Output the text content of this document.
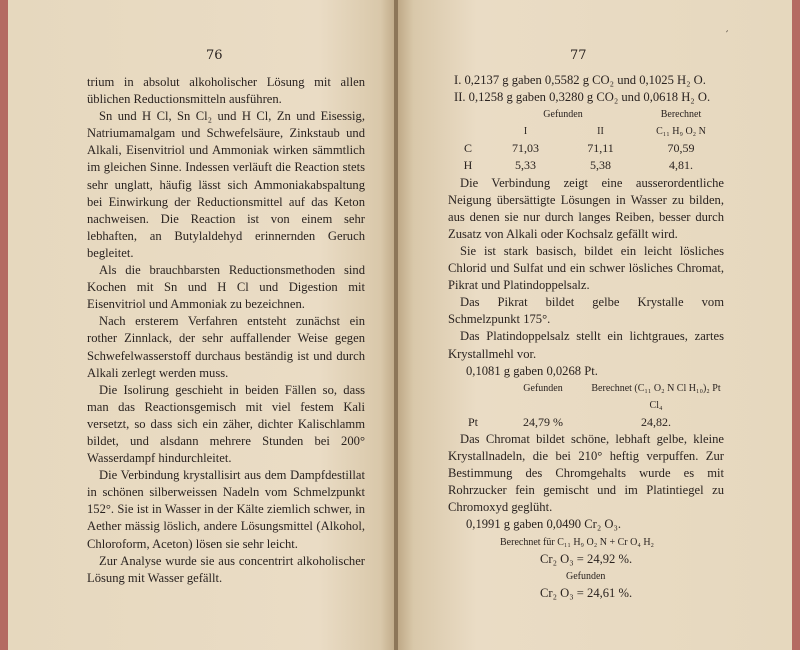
76

trium in absolut alkoholischer Lösung mit allen üblichen Reductionsmitteln ausführen.

Sn und H Cl, Sn Cl₂ und H Cl, Zn und Eisessig, Natriumamalgam und Schwefelsäure, Zinkstaub und Alkali, Eisenvitriol und Ammoniak wirken sämmtlich im gleichen Sinne. Indessen verläuft die Reaction stets sehr unglatt, häufig lässt sich Ammoniakabspaltung bei Einwirkung der Reductionsmittel auf das Keton nachweisen. Die Reaction ist von einem sehr lebhaften, an Butylaldehyd erinnernden Geruch begleitet.

Als die brauchbarsten Reductionsmethoden sind Kochen mit Sn und H Cl und Digestion mit Eisenvitriol und Ammoniak zu bezeichnen.

Nach ersterem Verfahren entsteht zunächst ein rother Zinnlack, der sehr auffallender Weise gegen Schwefelwasserstoff durchaus beständig ist und durch Alkali zerlegt werden muss.

Die Isolirung geschieht in beiden Fällen so, dass man das Reactionsgemisch mit viel festem Kali versetzt, so dass sich ein zäher, dichter Kalischlamm bildet, und alsdann mehrere Stunden bei 200° Wasserdampf hindurchleitet.

Die Verbindung krystallisirt aus dem Dampfdestillat in schönen silberweissen Nadeln vom Schmelzpunkt 152°. Sie ist in Wasser in der Kälte ziemlich schwer, in Aether mässig löslich, andere Lösungsmittel (Alkohol, Chloroform, Aceton) lösen sie sehr leicht.

Zur Analyse wurde sie aus concentrirt alkoholischer Lösung mit Wasser gefällt.

77
′

I. 0,2137 g gaben 0,5582 g CO₂ und 0,1025 H₂ O.

II. 0,1258 g gaben 0,3280 g CO₂ und 0,0618 H₂ O.

	Gefunden	Berechnet
	I	II	C₁₁ H₉ O₂ N
C	71,03	71,11	70,59
H	5,33	5,38	4,81.

Die Verbindung zeigt eine ausserordentliche Neigung übersättigte Lösungen in Wasser zu bilden, aus denen sie nur durch langes Reiben, besser durch Zusatz von Alkali oder Kochsalz gefällt wird.

Sie ist stark basisch, bildet ein leicht lösliches Chlorid und Sulfat und ein schwer lösliches Chromat, Pikrat und Platindoppelsalz.

Das Pikrat bildet gelbe Krystalle vom Schmelzpunkt 175°.

Das Platindoppelsalz stellt ein lichtgraues, zartes Krystallmehl vor.

0,1081 g gaben 0,0268 Pt.

	Gefunden	Berechnet (C₁₁ O₂ N Cl H₁₀)₂ Pt Cl₄
Pt	24,79 %	24,82.

Das Chromat bildet schöne, lebhaft gelbe, kleine Krystallnadeln, die bei 210° heftig verpuffen. Zur Bestimmung des Chromgehalts wurde es mit Rohrzucker fein gemischt und im Platintiegel zu Chromoxyd geglüht.

0,1991 g gaben 0,0490 Cr₂ O₃.

Berechnet für C₁₁ H₉ O₂ N + Cr O₄ H₂

Cr₂ O₃ = 24,92 %.

Gefunden

Cr₂ O₃ = 24,61 %.
